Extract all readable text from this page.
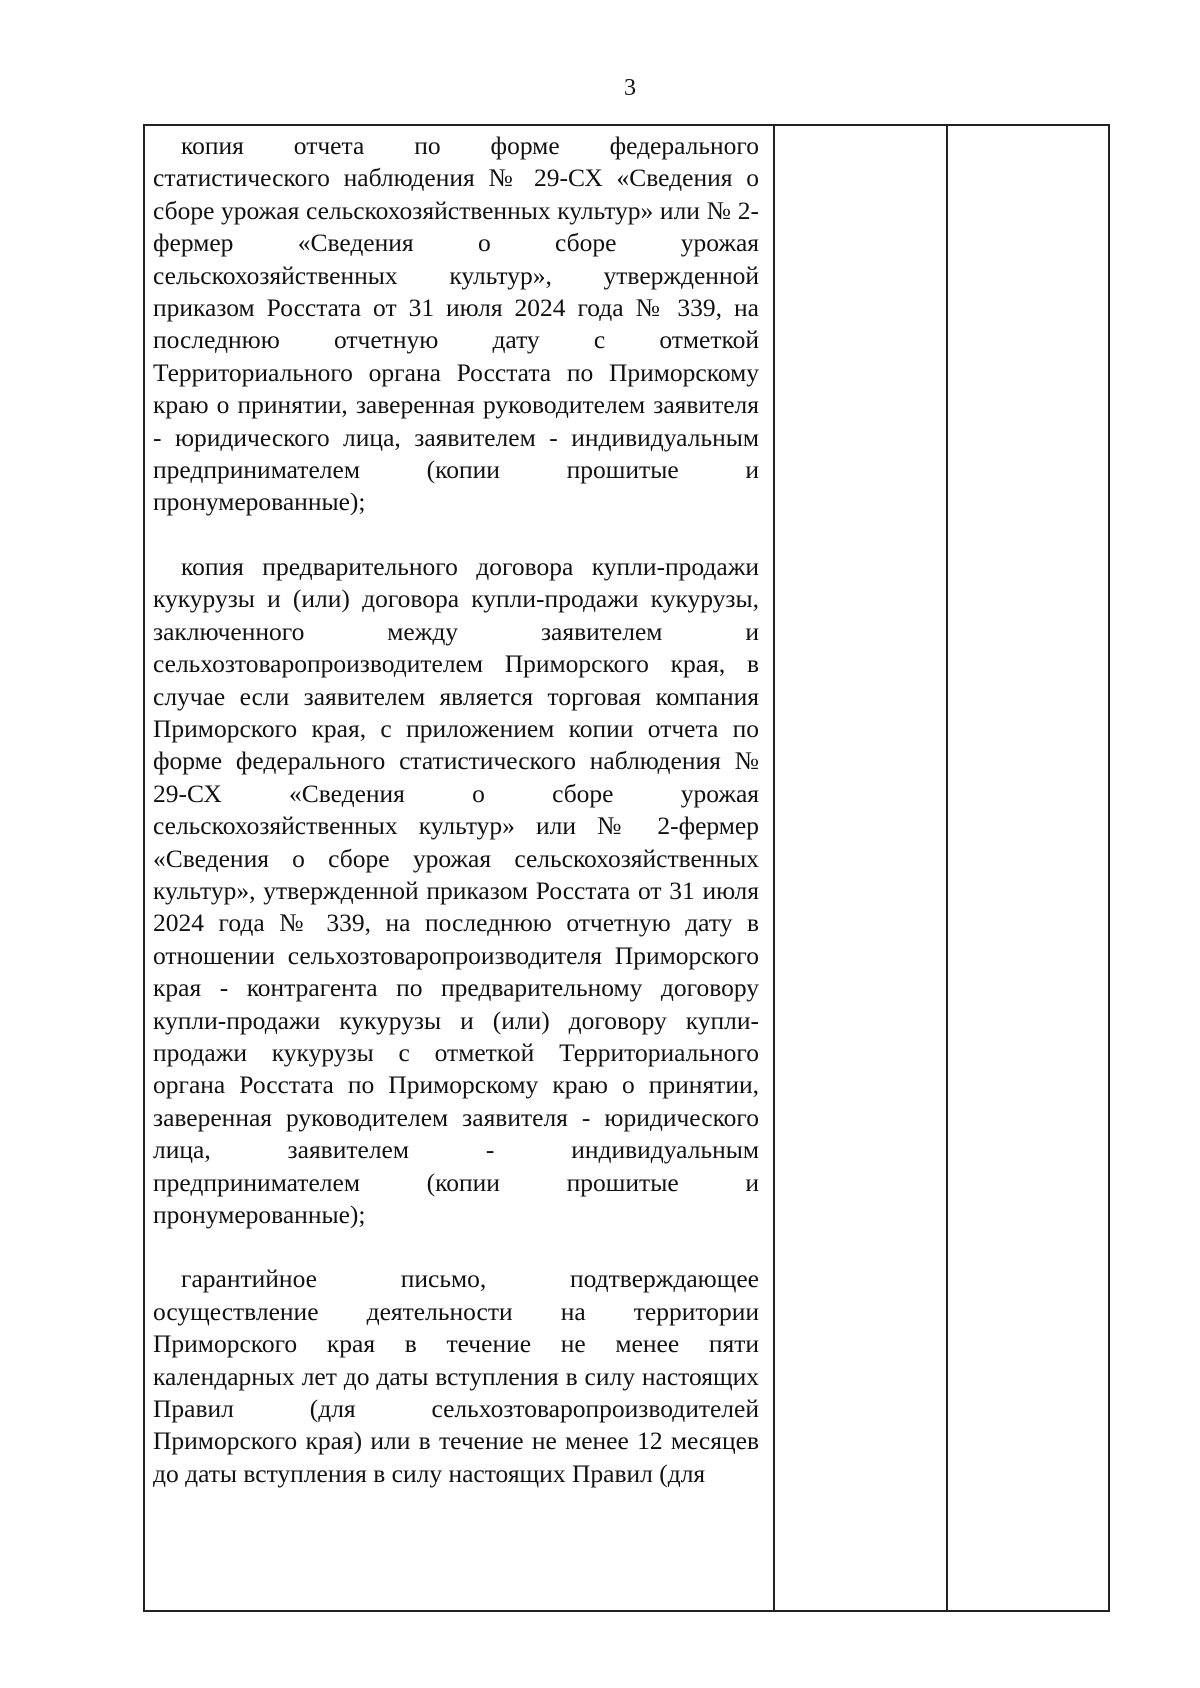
3

копия отчета по форме федерального статистического наблюдения № 29-СХ «Сведения о сборе урожая сельскохозяйственных культур» или № 2-фермер «Сведения о сборе урожая сельскохозяйственных культур», утвержденной приказом Росстата от 31 июля 2024 года № 339, на последнюю отчетную дату с отметкой Территориального органа Росстата по Приморскому краю о принятии, заверенная руководителем заявителя - юридического лица, заявителем - индивидуальным предпринимателем (копии прошитые и пронумерованные);

копия предварительного договора купли-продажи кукурузы и (или) договора купли-продажи кукурузы, заключенного между заявителем и сельхозтоваропроизводителем Приморского края, в случае если заявителем является торговая компания Приморского края, с приложением копии отчета по форме федерального статистического наблюдения № 29-СХ «Сведения о сборе урожая сельскохозяйственных культур» или № 2-фермер «Сведения о сборе урожая сельскохозяйственных культур», утвержденной приказом Росстата от 31 июля 2024 года № 339, на последнюю отчетную дату в отношении сельхозтоваропроизводителя Приморского края - контрагента по предварительному договору купли-продажи кукурузы и (или) договору купли-продажи кукурузы с отметкой Территориального органа Росстата по Приморскому краю о принятии, заверенная руководителем заявителя - юридического лица, заявителем - индивидуальным предпринимателем (копии прошитые и пронумерованные);

гарантийное письмо, подтверждающее осуществление деятельности на территории Приморского края в течение не менее пяти календарных лет до даты вступления в силу настоящих Правил (для сельхозтоваропроизводителей Приморского края) или в течение не менее 12 месяцев до даты вступления в силу настоящих Правил (для
